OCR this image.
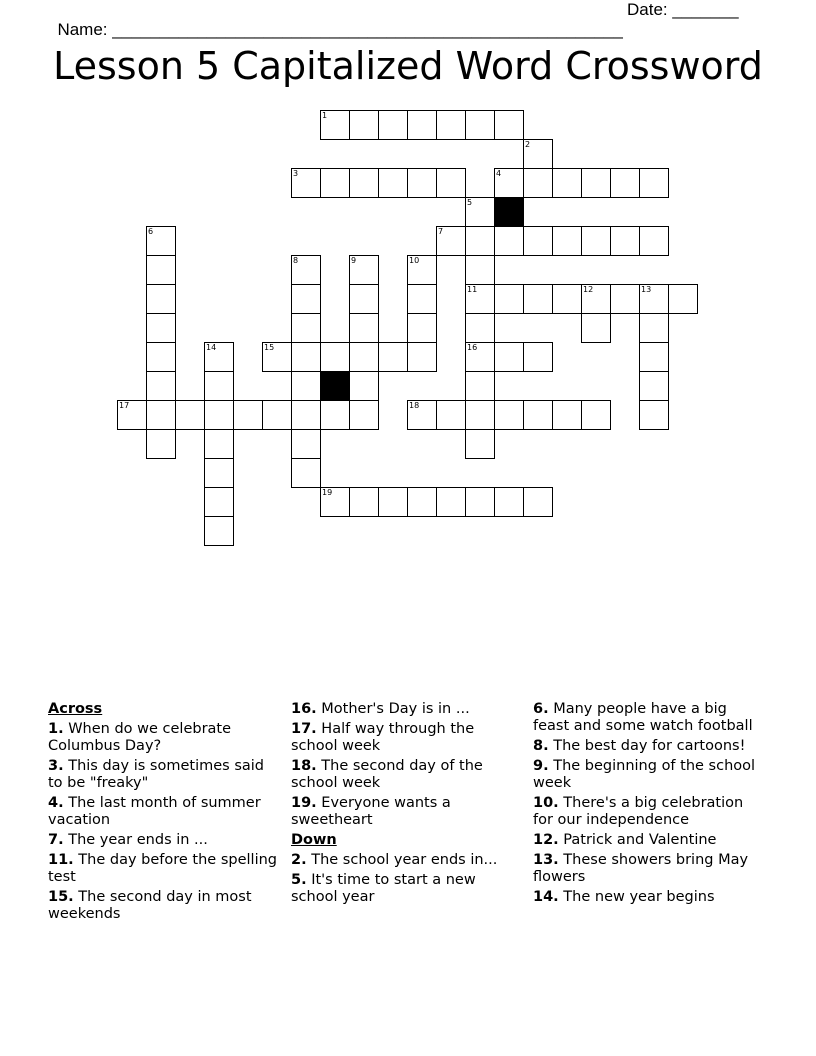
Name: ______________________________________________________

Date: _______

Lesson 5 Capitalized Word Crossword
1
2
3	4
5
11
16
6	7
8	9	10
12	13
14	15
17	18
19
Across
1. When do we celebrate Columbus Day?
3. This day is sometimes said to be "freaky"
4. The last month of summer vacation
7. The year ends in ...
11. The day before the spelling test
15. The second day in most weekends
16. Mother's Day is in ...
17. Half way through the school week
18. The second day of the school week
19. Everyone wants a sweetheart
Down
2. The school year ends in...
5. It's time to start a new school year
6. Many people have a big feast and some watch football
8. The best day for cartoons!
9. The beginning of the school week
10. There's a big celebration for our independence
12. Patrick and Valentine
13. These showers bring May flowers
14. The new year begins
